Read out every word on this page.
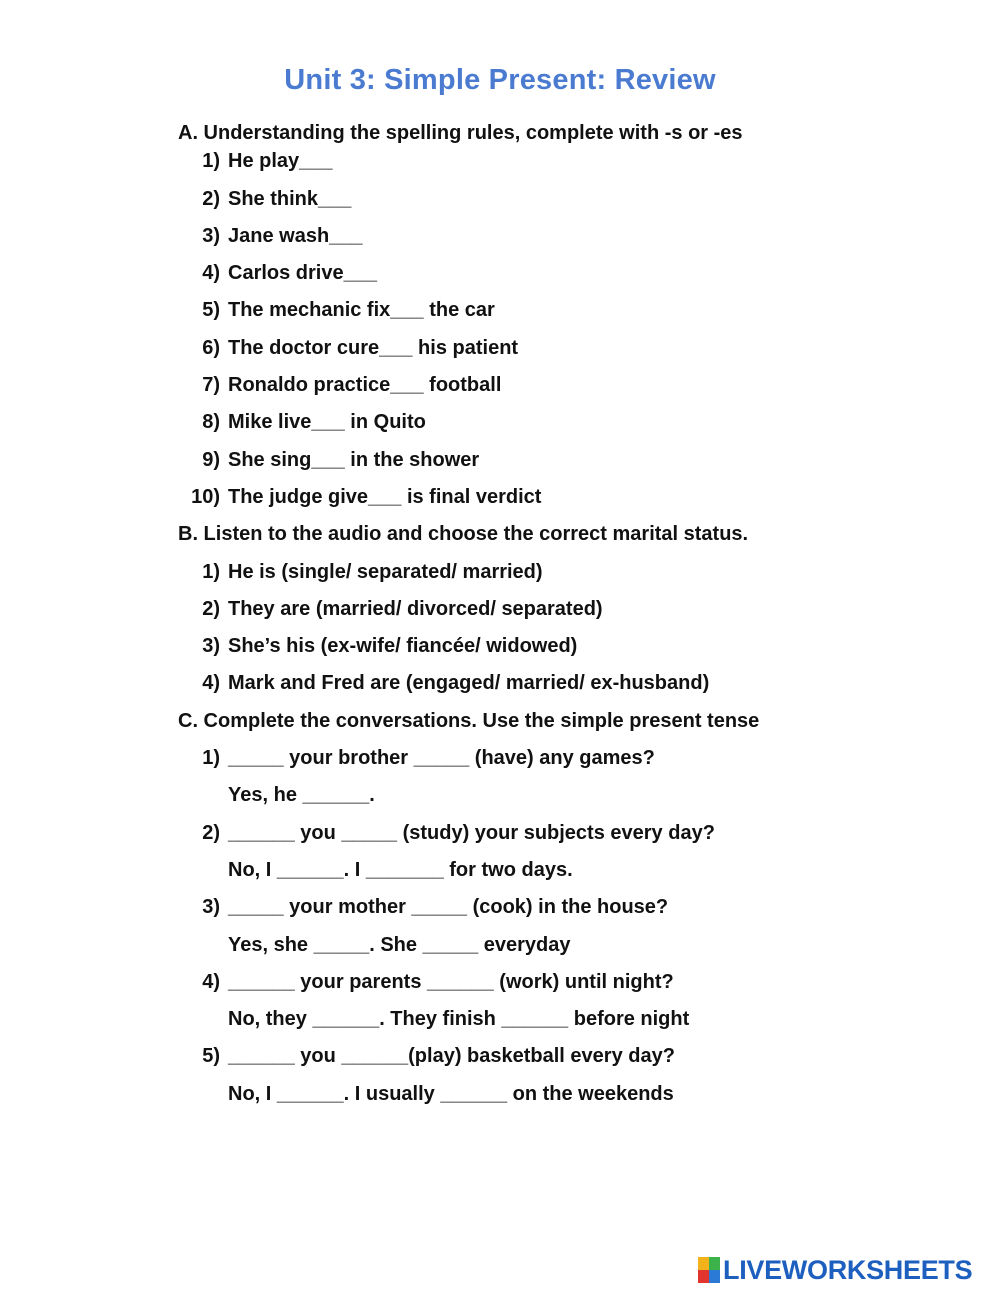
Unit 3: Simple Present: Review
A. Understanding the spelling rules, complete with -s or -es
1) He play___
2) She think___
3) Jane wash___
4) Carlos drive___
5) The mechanic fix___ the car
6) The doctor cure___ his patient
7) Ronaldo practice___ football
8) Mike live___ in Quito
9) She sing___ in the shower
10) The judge give___ is final verdict
B. Listen to the audio and choose the correct marital status.
1) He is (single/ separated/ married)
2) They are (married/ divorced/ separated)
3) She’s his (ex-wife/ fiancée/ widowed)
4) Mark and Fred are (engaged/ married/ ex-husband)
C. Complete the conversations. Use the simple present tense
1) _____ your brother _____ (have) any games?
Yes, he ______.
2) ______ you _____ (study) your subjects every day?
No, I ______. I _______ for two days.
3) _____ your mother _____ (cook) in the house?
Yes, she _____. She _____ everyday
4) ______ your parents ______ (work) until night?
No, they ______. They finish ______ before night
5) ______ you ______(play) basketball every day?
No, I ______. I usually ______ on the weekends
LIVEWORKSHEETS
